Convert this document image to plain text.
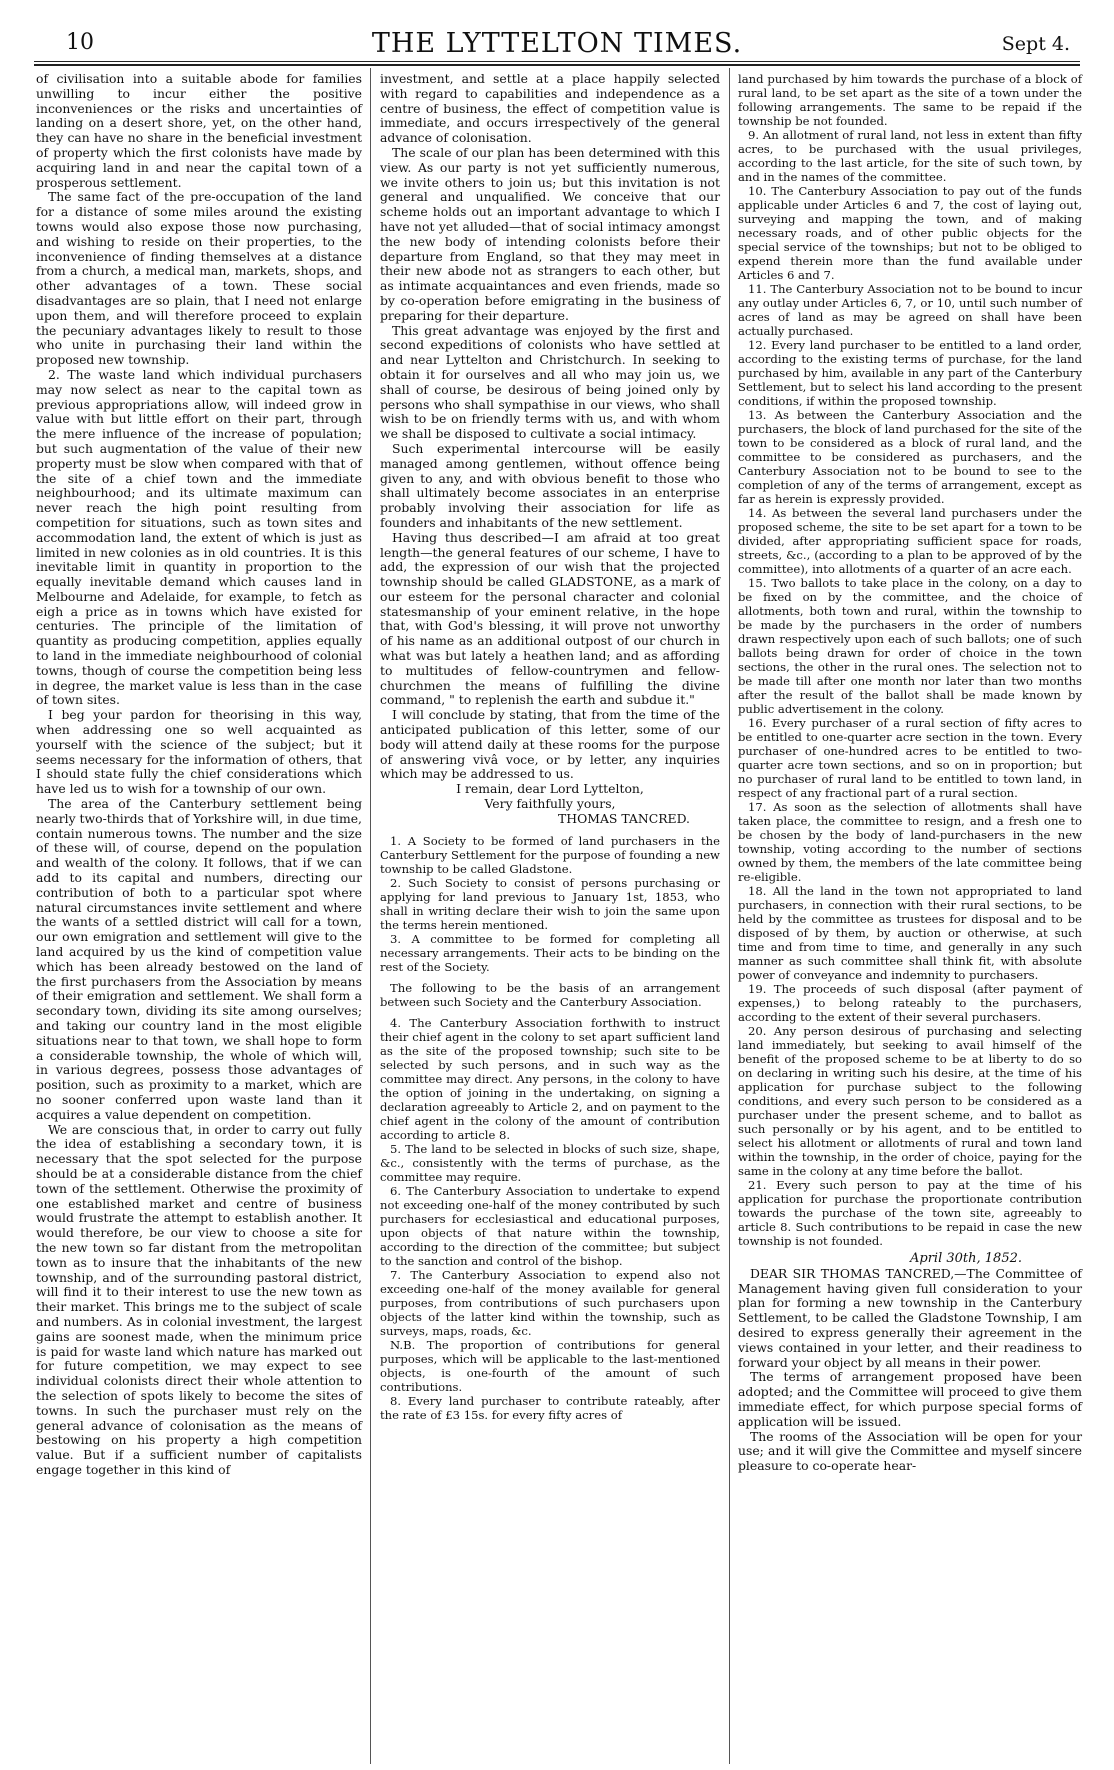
10	THE LYTTELTON TIMES.	Sept 4.

of civilisation into a suitable abode for families unwilling to incur either the positive inconveniences or the risks and uncertainties of landing on a desert shore, yet, on the other hand, they can have no share in the beneficial investment of property which the first colonists have made by acquiring land in and near the capital town of a prosperous settlement.

The same fact of the pre-occupation of the land for a distance of some miles around the existing towns would also expose those now purchasing, and wishing to reside on their properties, to the inconvenience of finding themselves at a distance from a church, a medical man, markets, shops, and other advantages of a town. These social disadvantages are so plain, that I need not enlarge upon them, and will therefore proceed to explain the pecuniary advantages likely to result to those who unite in purchasing their land within the proposed new township.

2. The waste land which individual purchasers may now select as near to the capital town as previous appropriations allow, will indeed grow in value with but little effort on their part, through the mere influence of the increase of population; but such augmentation of the value of their new property must be slow when compared with that of the site of a chief town and the immediate neighbourhood; and its ultimate maximum can never reach the high point resulting from competition for situations, such as town sites and accommodation land, the extent of which is just as limited in new colonies as in old countries. It is this inevitable limit in quantity in proportion to the equally inevitable demand which causes land in Melbourne and Adelaide, for example, to fetch as eigh a price as in towns which have existed for centuries. The principle of the limitation of quantity as producing competition, applies equally to land in the immediate neighbourhood of colonial towns, though of course the competition being less in degree, the market value is less than in the case of town sites.

I beg your pardon for theorising in this way, when addressing one so well acquainted as yourself with the science of the subject; but it seems necessary for the information of others, that I should state fully the chief considerations which have led us to wish for a township of our own.

The area of the Canterbury settlement being nearly two-thirds that of Yorkshire will, in due time, contain numerous towns. The number and the size of these will, of course, depend on the population and wealth of the colony. It follows, that if we can add to its capital and numbers, directing our contribution of both to a particular spot where natural circumstances invite settlement and where the wants of a settled district will call for a town, our own emigration and settlement will give to the land acquired by us the kind of competition value which has been already bestowed on the land of the first purchasers from the Association by means of their emigration and settlement. We shall form a secondary town, dividing its site among ourselves; and taking our country land in the most eligible situations near to that town, we shall hope to form a considerable township, the whole of which will, in various degrees, possess those advantages of position, such as proximity to a market, which are no sooner conferred upon waste land than it acquires a value dependent on competition.

We are conscious that, in order to carry out fully the idea of establishing a secondary town, it is necessary that the spot selected for the purpose should be at a considerable distance from the chief town of the settlement. Otherwise the proximity of one established market and centre of business would frustrate the attempt to establish another. It would therefore, be our view to choose a site for the new town so far distant from the metropolitan town as to insure that the inhabitants of the new township, and of the surrounding pastoral district, will find it to their interest to use the new town as their market. This brings me to the subject of scale and numbers. As in colonial investment, the largest gains are soonest made, when the minimum price is paid for waste land which nature has marked out for future competition, we may expect to see individual colonists direct their whole attention to the selection of spots likely to become the sites of towns. In such the purchaser must rely on the general advance of colonisation as the means of bestowing on his property a high competition value. But if a sufficient number of capitalists engage together in this kind of

investment, and settle at a place happily selected with regard to capabilities and independence as a centre of business, the effect of competition value is immediate, and occurs irrespectively of the general advance of colonisation.

The scale of our plan has been determined with this view. As our party is not yet sufficiently numerous, we invite others to join us; but this invitation is not general and unqualified. We conceive that our scheme holds out an important advantage to which I have not yet alluded—that of social intimacy amongst the new body of intending colonists before their departure from England, so that they may meet in their new abode not as strangers to each other, but as intimate acquaintances and even friends, made so by co-operation before emigrating in the business of preparing for their departure.

This great advantage was enjoyed by the first and second expeditions of colonists who have settled at and near Lyttelton and Christchurch. In seeking to obtain it for ourselves and all who may join us, we shall of course, be desirous of being joined only by persons who shall sympathise in our views, who shall wish to be on friendly terms with us, and with whom we shall be disposed to cultivate a social intimacy.

Such experimental intercourse will be easily managed among gentlemen, without offence being given to any, and with obvious benefit to those who shall ultimately become associates in an enterprise probably involving their association for life as founders and inhabitants of the new settlement.

Having thus described—I am afraid at too great length—the general features of our scheme, I have to add, the expression of our wish that the projected township should be called GLADSTONE, as a mark of our esteem for the personal character and colonial statesmanship of your eminent relative, in the hope that, with God's blessing, it will prove not unworthy of his name as an additional outpost of our church in what was but lately a heathen land; and as affording to multitudes of fellow-countrymen and fellow-churchmen the means of fulfilling the divine command, " to replenish the earth and subdue it."

I will conclude by stating, that from the time of the anticipated publication of this letter, some of our body will attend daily at these rooms for the purpose of answering vivâ voce, or by letter, any inquiries which may be addressed to us.

I remain, dear Lord Lyttelton,

Very faithfully yours,

THOMAS TANCRED.

1. A Society to be formed of land purchasers in the Canterbury Settlement for the purpose of founding a new township to be called Gladstone.

2. Such Society to consist of persons purchasing or applying for land previous to January 1st, 1853, who shall in writing declare their wish to join the same upon the terms herein mentioned.

3. A committee to be formed for completing all necessary arrangements. Their acts to be binding on the rest of the Society.

The following to be the basis of an arrangement between such Society and the Canterbury Association.

4. The Canterbury Association forthwith to instruct their chief agent in the colony to set apart sufficient land as the site of the proposed township; such site to be selected by such persons, and in such way as the committee may direct. Any persons, in the colony to have the option of joining in the undertaking, on signing a declaration agreeably to Article 2, and on payment to the chief agent in the colony of the amount of contribution according to article 8.

5. The land to be selected in blocks of such size, shape, &c., consistently with the terms of purchase, as the committee may require.

6. The Canterbury Association to undertake to expend not exceeding one-half of the money contributed by such purchasers for ecclesiastical and educational purposes, upon objects of that nature within the township, according to the direction of the committee; but subject to the sanction and control of the bishop.

7. The Canterbury Association to expend also not exceeding one-half of the money available for general purposes, from contributions of such purchasers upon objects of the latter kind within the township, such as surveys, maps, roads, &c.

N.B. The proportion of contributions for general purposes, which will be applicable to the last-mentioned objects, is one-fourth of the amount of such contributions.

8. Every land purchaser to contribute rateably, after the rate of £3 15s. for every fifty acres of

land purchased by him towards the purchase of a block of rural land, to be set apart as the site of a town under the following arrangements. The same to be repaid if the township be not founded.

9. An allotment of rural land, not less in extent than fifty acres, to be purchased with the usual privileges, according to the last article, for the site of such town, by and in the names of the committee.

10. The Canterbury Association to pay out of the funds applicable under Articles 6 and 7, the cost of laying out, surveying and mapping the town, and of making necessary roads, and of other public objects for the special service of the townships; but not to be obliged to expend therein more than the fund available under Articles 6 and 7.

11. The Canterbury Association not to be bound to incur any outlay under Articles 6, 7, or 10, until such number of acres of land as may be agreed on shall have been actually purchased.

12. Every land purchaser to be entitled to a land order, according to the existing terms of purchase, for the land purchased by him, available in any part of the Canterbury Settlement, but to select his land according to the present conditions, if within the proposed township.

13. As between the Canterbury Association and the purchasers, the block of land purchased for the site of the town to be considered as a block of rural land, and the committee to be considered as purchasers, and the Canterbury Association not to be bound to see to the completion of any of the terms of arrangement, except as far as herein is expressly provided.

14. As between the several land purchasers under the proposed scheme, the site to be set apart for a town to be divided, after appropriating sufficient space for roads, streets, &c., (according to a plan to be approved of by the committee), into allotments of a quarter of an acre each.

15. Two ballots to take place in the colony, on a day to be fixed on by the committee, and the choice of allotments, both town and rural, within the township to be made by the purchasers in the order of numbers drawn respectively upon each of such ballots; one of such ballots being drawn for order of choice in the town sections, the other in the rural ones. The selection not to be made till after one month nor later than two months after the result of the ballot shall be made known by public advertisement in the colony.

16. Every purchaser of a rural section of fifty acres to be entitled to one-quarter acre section in the town. Every purchaser of one-hundred acres to be entitled to two-quarter acre town sections, and so on in proportion; but no purchaser of rural land to be entitled to town land, in respect of any fractional part of a rural section.

17. As soon as the selection of allotments shall have taken place, the committee to resign, and a fresh one to be chosen by the body of land-purchasers in the new township, voting according to the number of sections owned by them, the members of the late committee being re-eligible.

18. All the land in the town not appropriated to land purchasers, in connection with their rural sections, to be held by the committee as trustees for disposal and to be disposed of by them, by auction or otherwise, at such time and from time to time, and generally in any such manner as such committee shall think fit, with absolute power of conveyance and indemnity to purchasers.

19. The proceeds of such disposal (after payment of expenses,) to belong rateably to the purchasers, according to the extent of their several purchasers.

20. Any person desirous of purchasing and selecting land immediately, but seeking to avail himself of the benefit of the proposed scheme to be at liberty to do so on declaring in writing such his desire, at the time of his application for purchase subject to the following conditions, and every such person to be considered as a purchaser under the present scheme, and to ballot as such personally or by his agent, and to be entitled to select his allotment or allotments of rural and town land within the township, in the order of choice, paying for the same in the colony at any time before the ballot.

21. Every such person to pay at the time of his application for purchase the proportionate contribution towards the purchase of the town site, agreeably to article 8. Such contributions to be repaid in case the new township is not founded.

April 30th, 1852.

DEAR SIR THOMAS TANCRED,—The Committee of Management having given full consideration to your plan for forming a new township in the Canterbury Settlement, to be called the Gladstone Township, I am desired to express generally their agreement in the views contained in your letter, and their readiness to forward your object by all means in their power.

The terms of arrangement proposed have been adopted; and the Committee will proceed to give them immediate effect, for which purpose special forms of application will be issued.

The rooms of the Association will be open for your use; and it will give the Committee and myself sincere pleasure to co-operate hear-
